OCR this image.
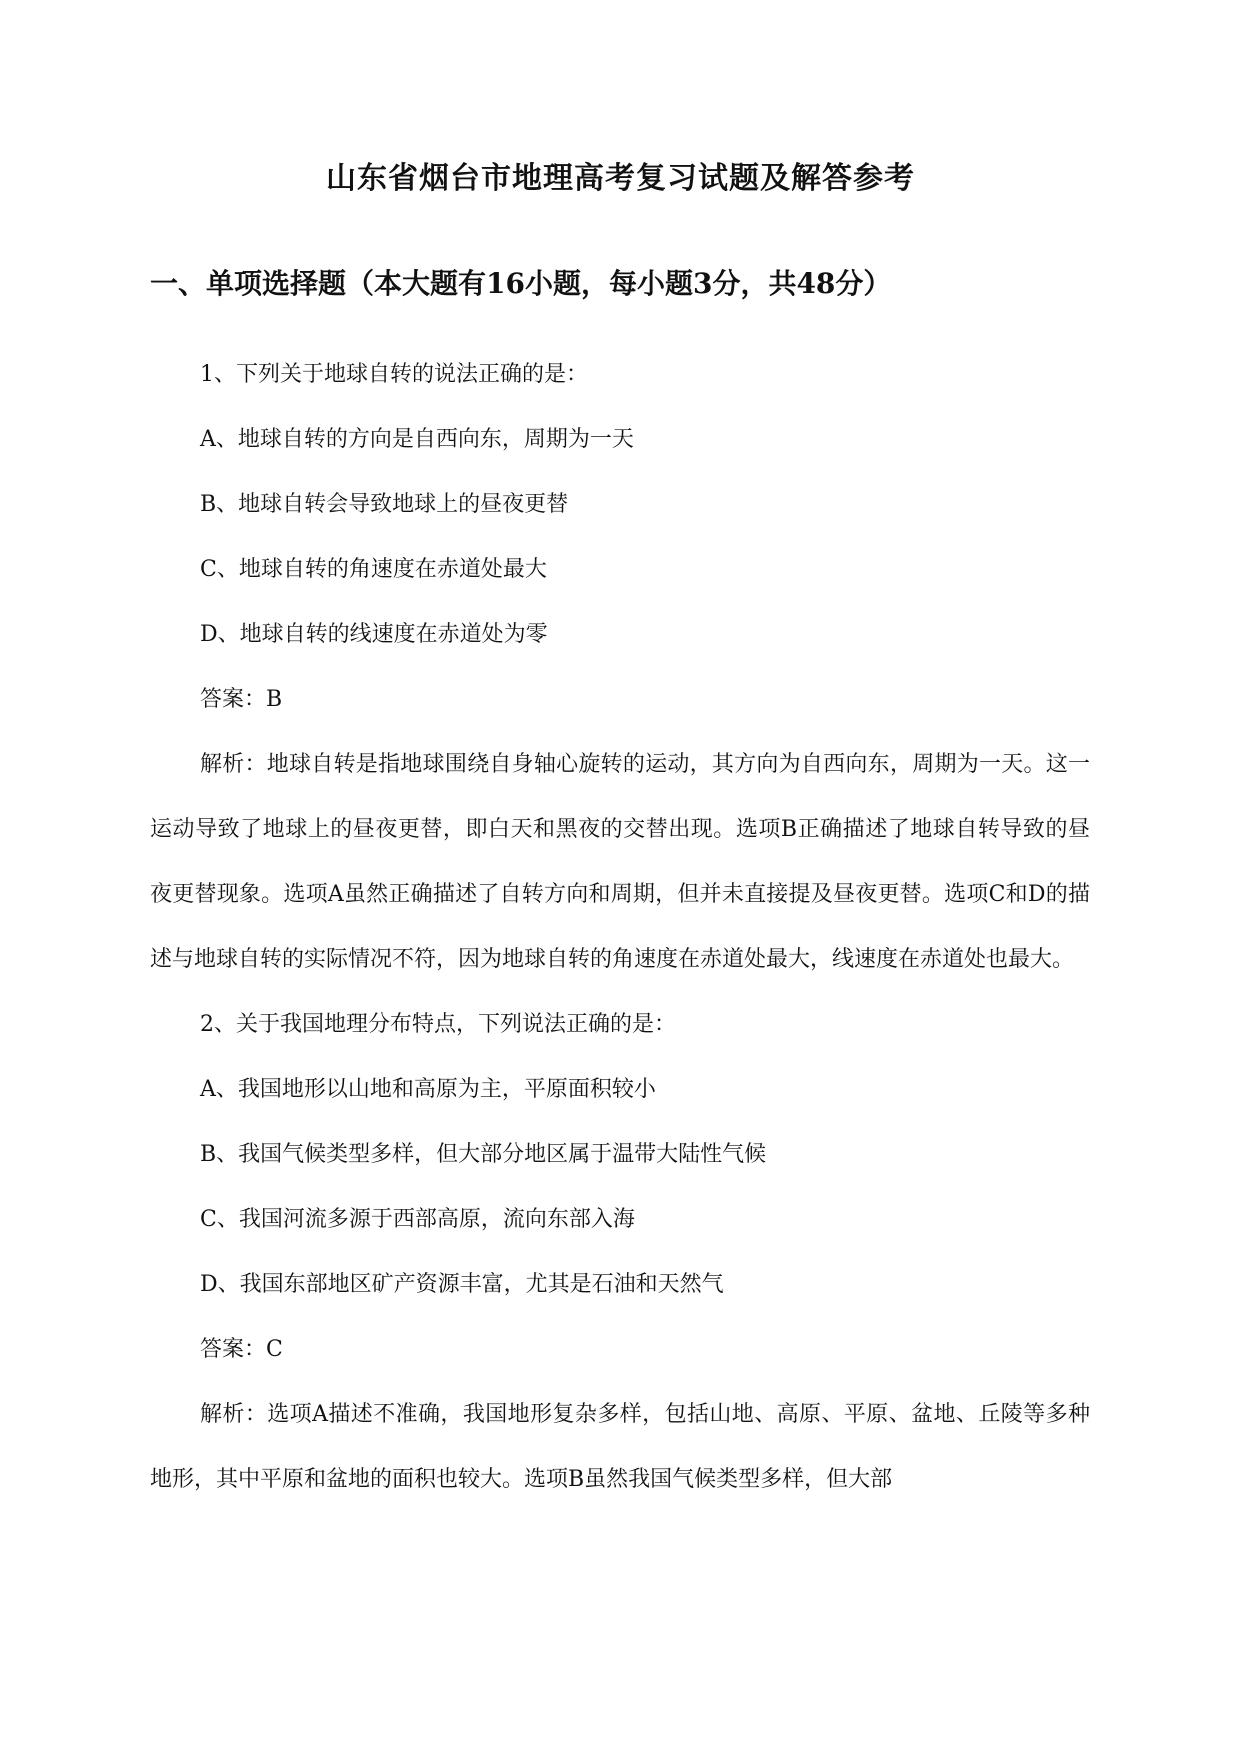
山东省烟台市地理高考复习试题及解答参考
一、单项选择题（本大题有16小题，每小题3分，共48分）

1、下列关于地球自转的说法正确的是：

A、地球自转的方向是自西向东，周期为一天

B、地球自转会导致地球上的昼夜更替

C、地球自转的角速度在赤道处最大

D、地球自转的线速度在赤道处为零

答案：B

解析：地球自转是指地球围绕自身轴心旋转的运动，其方向为自西向东，周期为一天。这一运动导致了地球上的昼夜更替，即白天和黑夜的交替出现。选项B正确描述了地球自转导致的昼夜更替现象。选项A虽然正确描述了自转方向和周期，但并未直接提及昼夜更替。选项C和D的描述与地球自转的实际情况不符，因为地球自转的角速度在赤道处最大，线速度在赤道处也最大。

2、关于我国地理分布特点，下列说法正确的是：

A、我国地形以山地和高原为主，平原面积较小

B、我国气候类型多样，但大部分地区属于温带大陆性气候

C、我国河流多源于西部高原，流向东部入海

D、我国东部地区矿产资源丰富，尤其是石油和天然气

答案：C

解析：选项A描述不准确，我国地形复杂多样，包括山地、高原、平原、盆地、丘陵等多种地形，其中平原和盆地的面积也较大。选项B虽然我国气候类型多样，但大部
